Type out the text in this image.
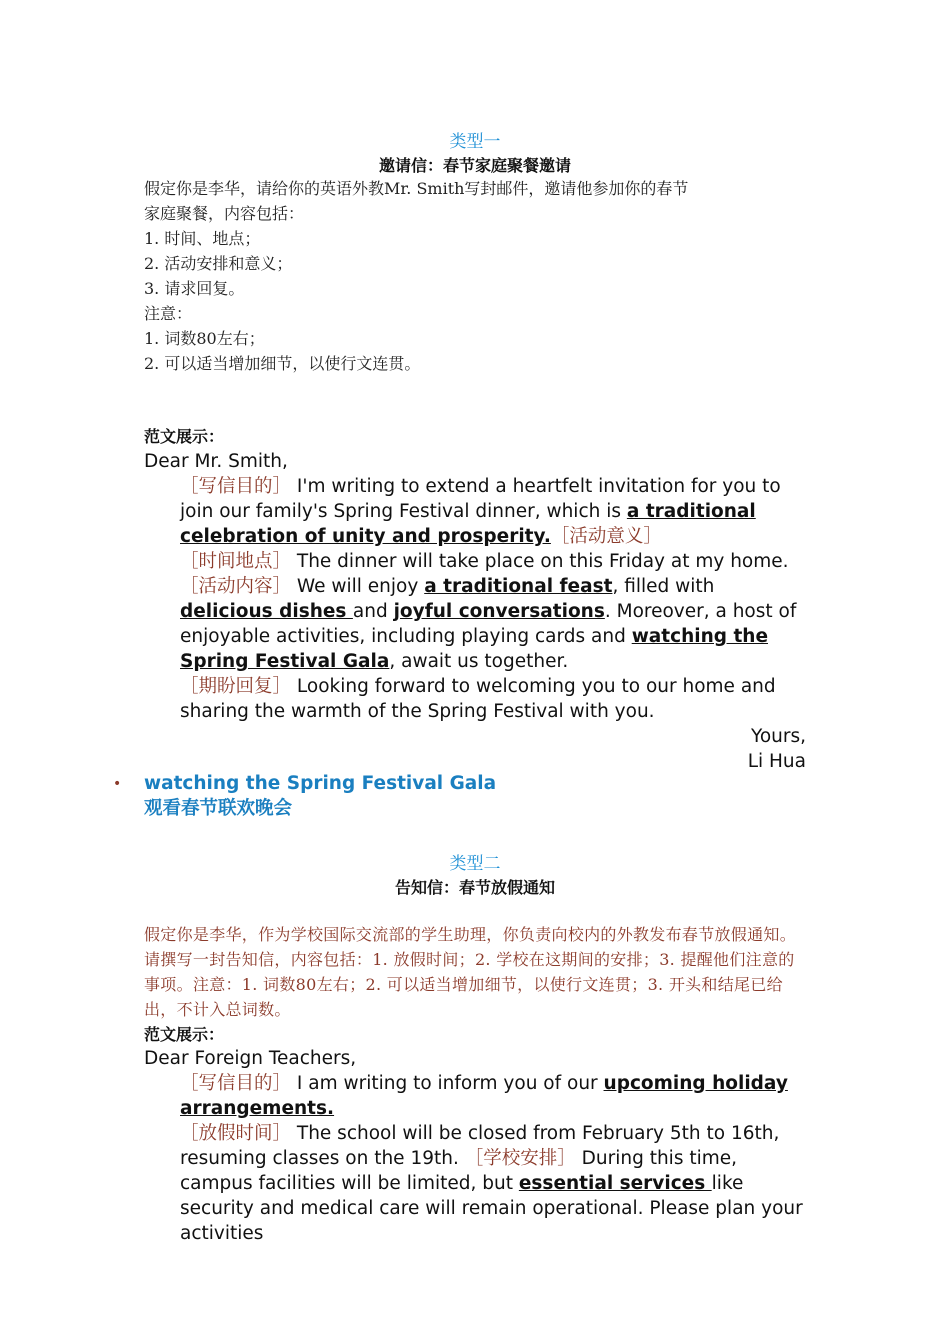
类型一
邀请信：春节家庭聚餐邀请
假定你是李华，请给你的英语外教Mr. Smith写封邮件，邀请他参加你的春节
家庭聚餐，内容包括：
1. 时间、地点；
2. 活动安排和意义；
3. 请求回复。
注意：
1. 词数80左右；
2. 可以适当增加细节，以使行文连贯。
范文展示：
Dear Mr. Smith,
［写信目的］ I'm writing to extend a heartfelt invitation for you to join our family's Spring Festival dinner, which is a traditional celebration of unity and prosperity.［活动意义］
［时间地点］ The dinner will take place on this Friday at my home.［活动内容］ We will enjoy a traditional feast, filled with delicious dishes and joyful conversations. Moreover, a host of enjoyable activities, including playing cards and watching the Spring Festival Gala, await us together.
［期盼回复］ Looking forward to welcoming you to our home and sharing the warmth of the Spring Festival with you.
Yours,
Li Hua
类型二
告知信：春节放假通知
假定你是李华，作为学校国际交流部的学生助理，你负责向校内的外教发布春节放假通知。请撰写一封告知信，内容包括：1. 放假时间；2. 学校在这期间的安排；3. 提醒他们注意的事项。注意：1. 词数80左右；2. 可以适当增加细节，以使行文连贯；3. 开头和结尾已给出，不计入总词数。
范文展示：
Dear Foreign Teachers,
［写信目的］ I am writing to inform you of our upcoming holiday arrangements.
［放假时间］ The school will be closed from February 5th to 16th, resuming classes on the 19th. ［学校安排］ During this time, campus facilities will be limited, but essential services like security and medical care will remain operational. Please plan your activities
• watching the Spring Festival Gala
观看春节联欢晚会
